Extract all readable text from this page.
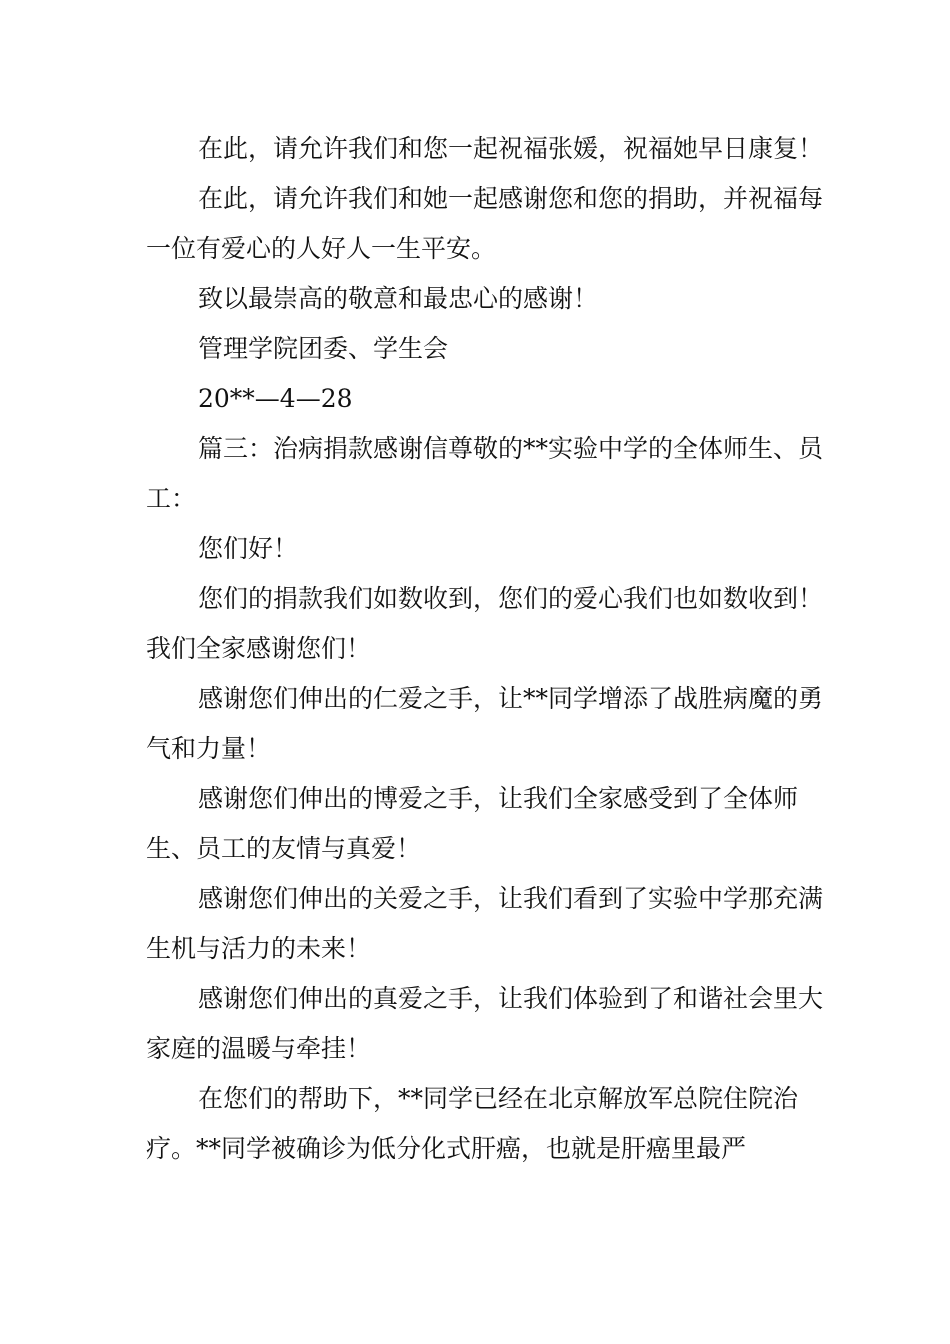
在此，请允许我们和您一起祝福张媛，祝福她早日康复！

在此，请允许我们和她一起感谢您和您的捐助，并祝福每一位有爱心的人好人一生平安。

致以最崇高的敬意和最忠心的感谢！

管理学院团委、学生会

20**—4—28

篇三：治病捐款感谢信尊敬的**实验中学的全体师生、员工：

您们好！

您们的捐款我们如数收到，您们的爱心我们也如数收到！我们全家感谢您们！

感谢您们伸出的仁爱之手，让**同学增添了战胜病魔的勇气和力量！

感谢您们伸出的博爱之手，让我们全家感受到了全体师生、员工的友情与真爱！

感谢您们伸出的关爱之手，让我们看到了实验中学那充满生机与活力的未来！

感谢您们伸出的真爱之手，让我们体验到了和谐社会里大家庭的温暖与牵挂！

在您们的帮助下，**同学已经在北京解放军总院住院治疗。**同学被确诊为低分化式肝癌，也就是肝癌里最严
